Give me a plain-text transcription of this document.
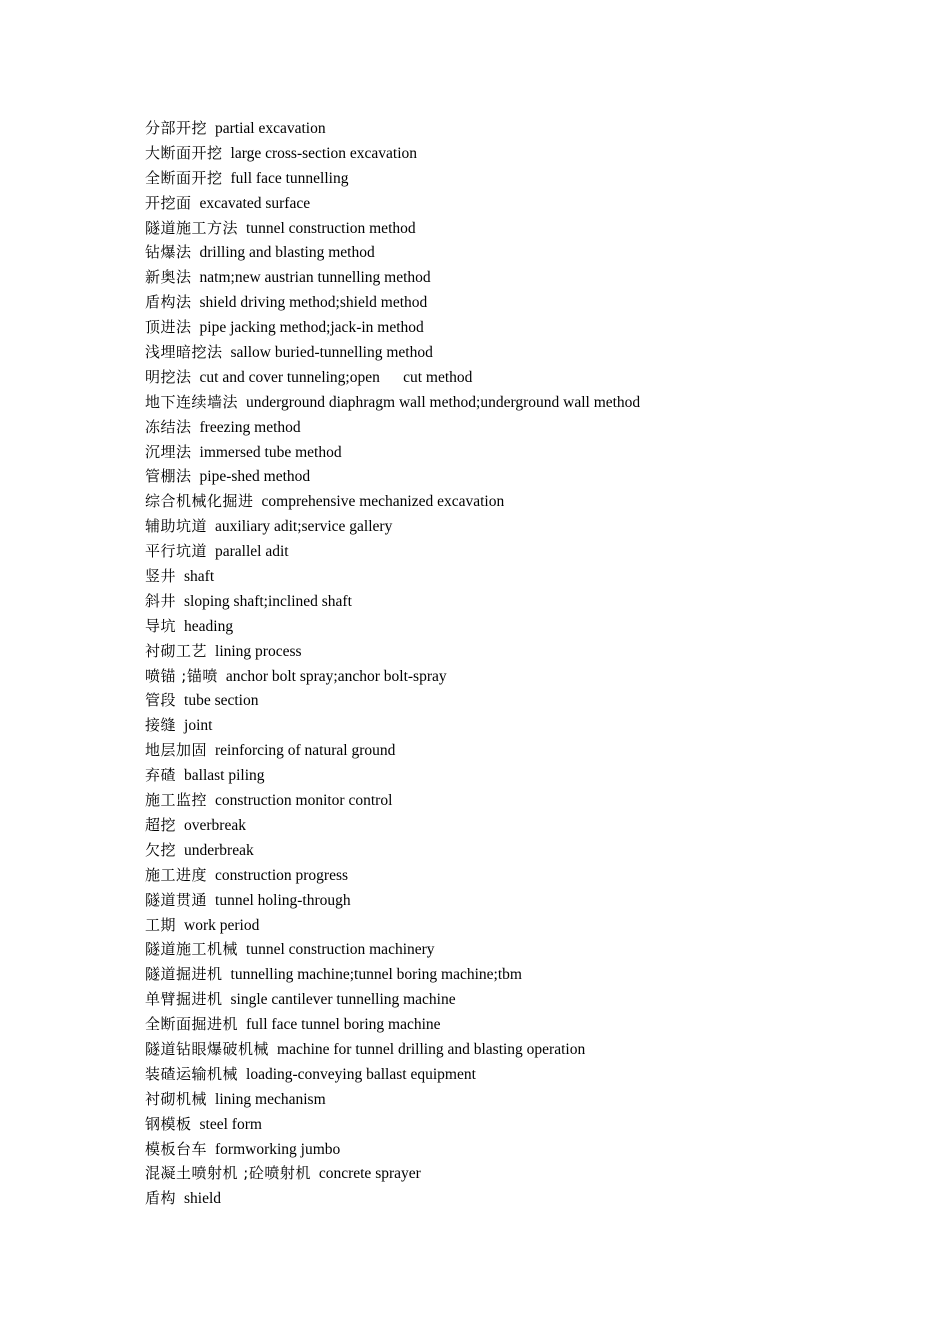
分部开挖 partial excavation
大断面开挖 large cross-section excavation
全断面开挖 full face tunnelling
开挖面 excavated surface
隧道施工方法 tunnel construction method
钻爆法 drilling and blasting method
新奥法 natm;new austrian tunnelling method
盾构法 shield driving method;shield method
顶进法 pipe jacking method;jack-in method
浅埋暗挖法 sallow buried-tunnelling method
明挖法 cut and cover tunneling;open      cut method
地下连续墙法 underground diaphragm wall method;underground wall method
冻结法 freezing method
沉埋法 immersed tube method
管棚法 pipe-shed method
综合机械化掘进 comprehensive mechanized excavation
辅助坑道 auxiliary adit;service gallery
平行坑道 parallel adit
竖井 shaft
斜井 sloping shaft;inclined shaft
导坑 heading
衬砌工艺 lining process
喷锚 ;锚喷 anchor bolt spray;anchor bolt-spray
管段 tube section
接缝 joint
地层加固 reinforcing of natural ground
弃碴 ballast piling
施工监控 construction monitor control
超挖 overbreak
欠挖 underbreak
施工进度 construction progress
隧道贯通 tunnel holing-through
工期 work period
隧道施工机械 tunnel construction machinery
隧道掘进机 tunnelling machine;tunnel boring machine;tbm
单臂掘进机 single cantilever tunnelling machine
全断面掘进机 full face tunnel boring machine
隧道钻眼爆破机械 machine for tunnel drilling and blasting operation
装碴运输机械 loading-conveying ballast equipment
衬砌机械 lining mechanism
钢模板 steel form
模板台车 formworking jumbo
混凝土喷射机 ;砼喷射机 concrete sprayer
盾构 shield
